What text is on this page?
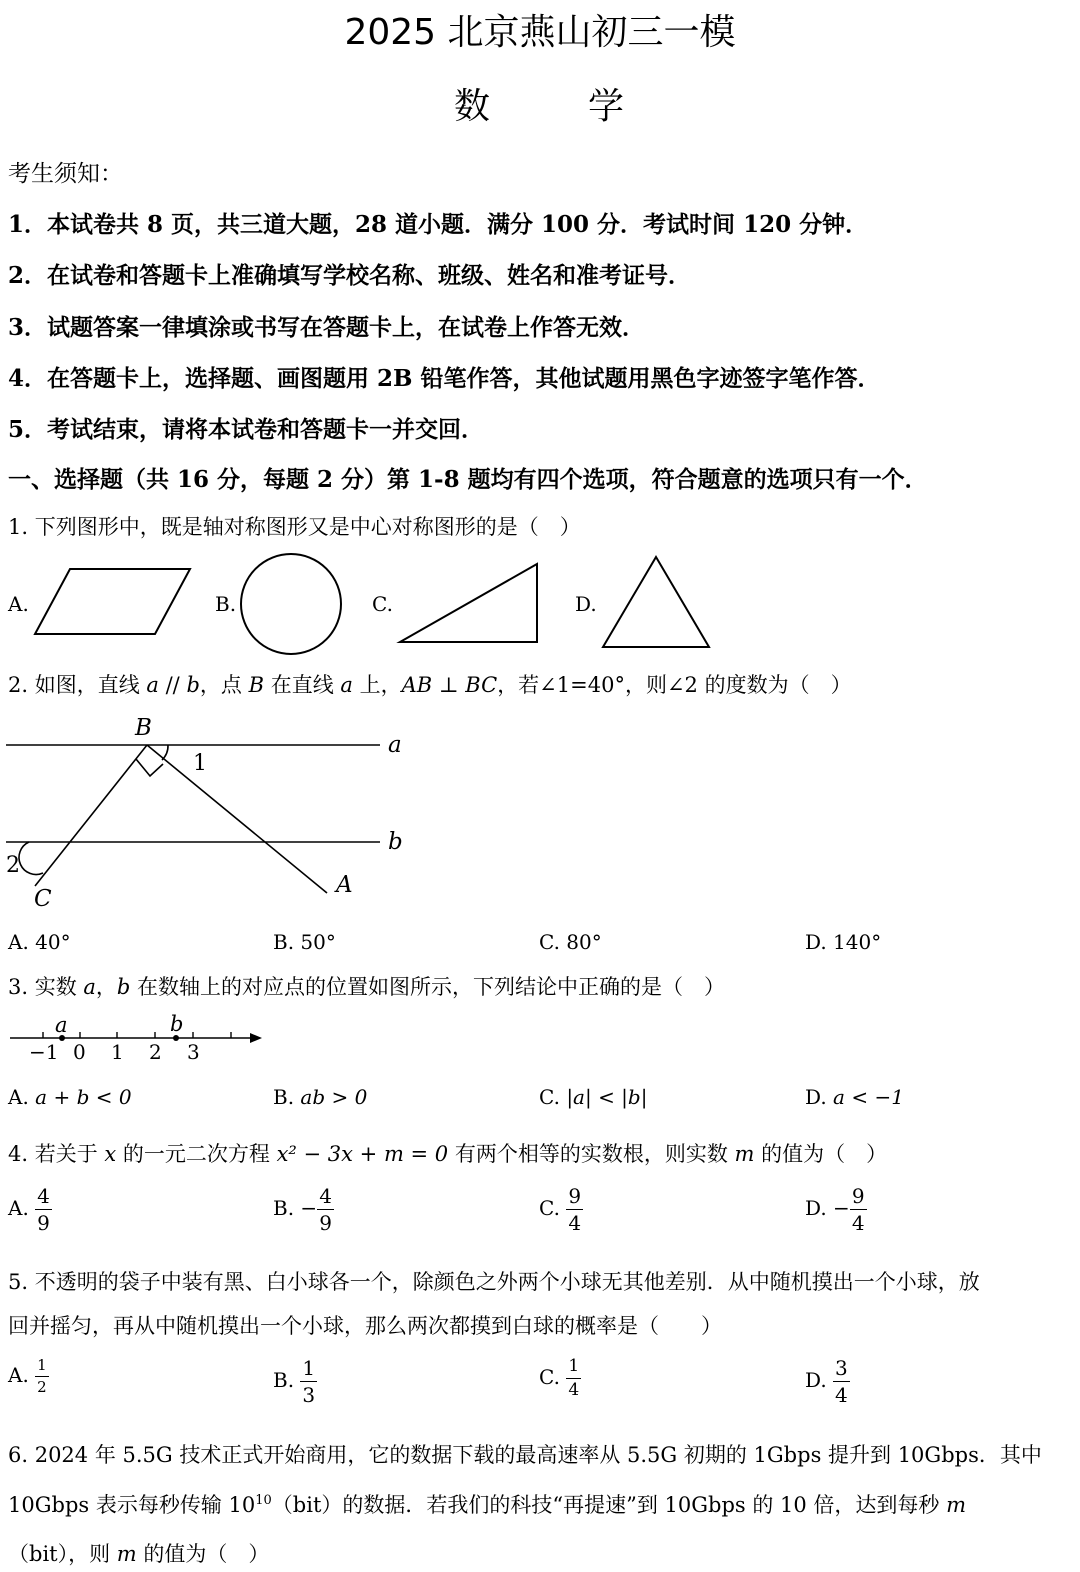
2025 北京燕山初三一模
数	学
考生须知：
1．本试卷共 8 页，共三道大题，28 道小题．满分 100 分．考试时间 120 分钟．
2．在试卷和答题卡上准确填写学校名称、班级、姓名和准考证号．
3．试题答案一律填涂或书写在答题卡上，在试卷上作答无效．
4．在答题卡上，选择题、画图题用 2B 铅笔作答，其他试题用黑色字迹签字笔作答．
5．考试结束，请将本试卷和答题卡一并交回．
一、选择题（共 16 分，每题 2 分）第 1-8 题均有四个选项，符合题意的选项只有一个．
1. 下列图形中，既是轴对称图形又是中心对称图形的是（　）
A.	B.	C.	D.
2. 如图，直线 a // b，点 B 在直线 a 上，AB ⊥ BC，若∠1=40°，则∠2 的度数为（　）
B
1
a
b
2
C
A
A. 40°	B. 50°	C. 80°	D. 140°
3. 实数 a，b 在数轴上的对应点的位置如图所示，下列结论中正确的是（　）
a	b
−1 0 1 2 3
A. a + b < 0	B. ab > 0	C. |a| < |b|	D. a < −1
4. 若关于 x 的一元二次方程 x² − 3x + m = 0 有两个相等的实数根，则实数 m 的值为（　）
A. $\frac{4}{9}$	B. − $\frac{4}{9}$	C. $\frac{9}{4}$	D. − $\frac{9}{4}$
5. 不透明的袋子中装有黑、白小球各一个，除颜色之外两个小球无其他差别．从中随机摸出一个小球，放
回并摇匀，再从中随机摸出一个小球，那么两次都摸到白球的概率是（　　）
A. $\frac{1}{2}$	B. $\frac{1}{3}$	C. $\frac{1}{4}$	D. $\frac{3}{4}$
6. 2024 年 5.5G 技术正式开始商用，它的数据下载的最高速率从 5.5G 初期的 1Gbps 提升到 10Gbps．其中
10Gbps 表示每秒传输 $10^{10}(bit)$的数据．若我们的科技“再提速”到 10Gbps 的 10 倍，达到每秒 m
（bit），则 m 的值为（　）
